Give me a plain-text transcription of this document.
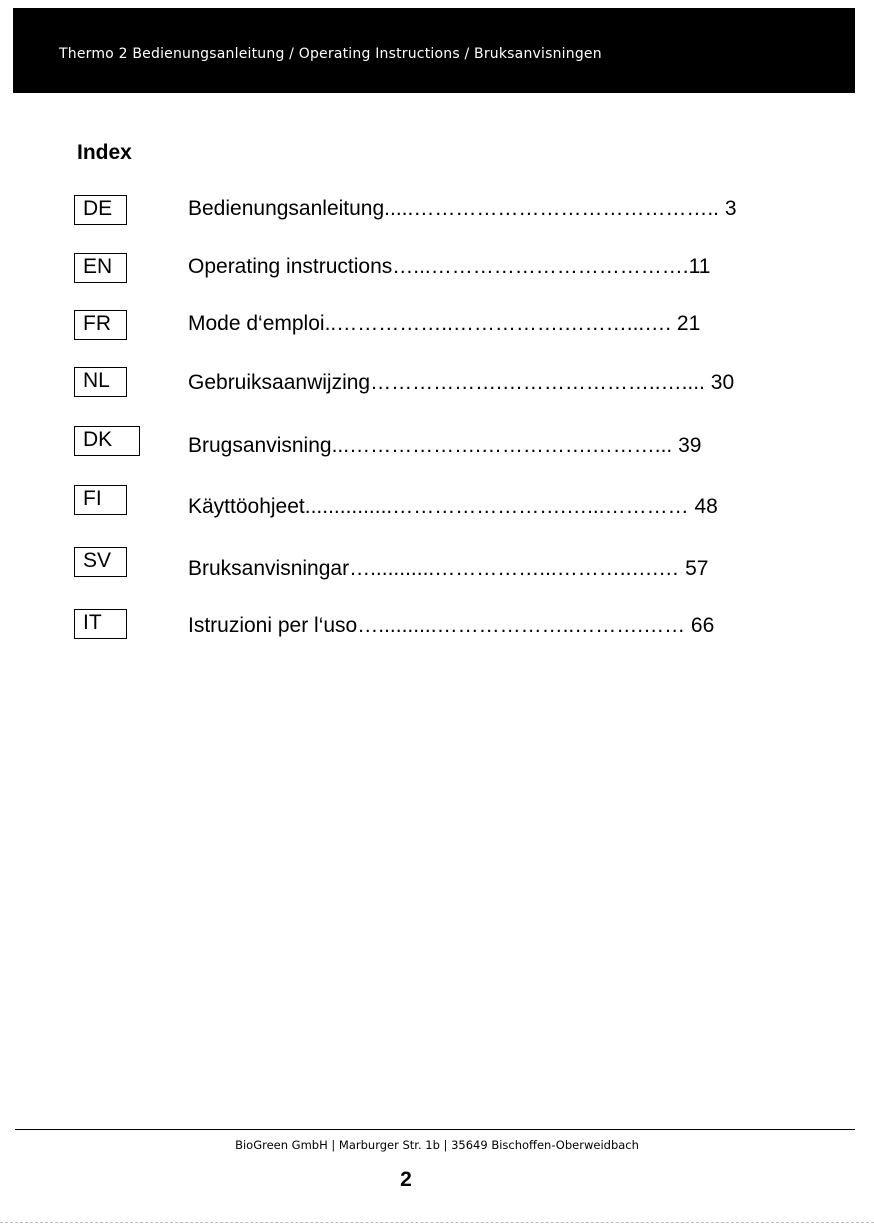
Thermo 2 Bedienungsanleitung / Operating Instructions / Bruksanvisningen
Index
DE	Bedienungsanleitung.....…………………………………….. 3
EN	Operating instructions…...……………………………….11
FR	Mode d‘emploi..……………..…………….………...…. 21
NL	Gebruiksaanwijzing……………….…………………..….... 30
DK	Brugsanvisning...……………….…………….………... 39
FI	Käyttöohjeet...............…………………….…...………… 48
SV	Bruksanvisningar…...........……………...………..….… 57
IT	Istruzioni per l‘uso…..........………………..……….…… 66
BioGreen GmbH | Marburger Str. 1b | 35649 Bischoffen-Oberweidbach
2
